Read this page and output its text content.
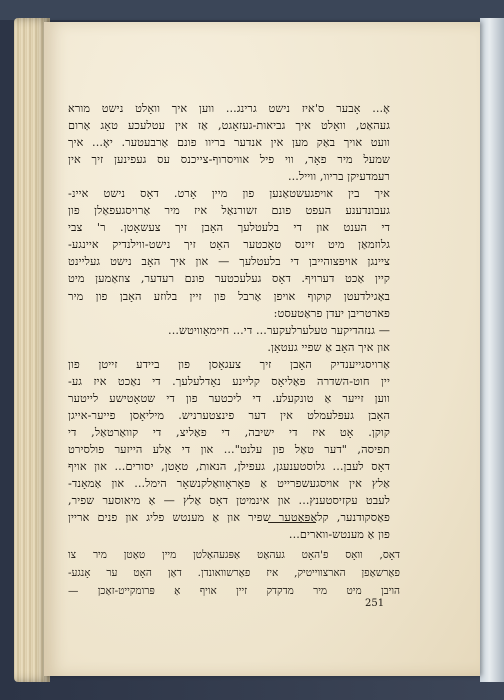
אָ... אָבער ס'איז נישט גרינג... ווען איך וואָלט נישט מורא
געהאַט, וואָלט איך גביאות-געזאָגט, אַז אין עטלעכע טאָג אַרום
וועט אויך באַק מען אין אנדער בריוו פונם אַרבעטער. יאָ... איך
שמעל מיר פאָר, ווי פיל אוויסרוף-צייכנס עס געפינען זיך אין
רעמדעיקן בריוו, ווייל...
איך בין אויפגעשטאַנען פון מיין אָרט. דאָס נישט איינ-
געבונדענע העפט פונם זשורנאַל איז מיר אַרויסגעפאַלן פון
די הענט און די בלעטלעך האָבן זיך צעשאָטן. ר' צבי
גלוזמאַן מיט זיינס טאָכטער האָט זיך נישט-ווילנדיק איינגע-
ציינגן אויפצוהייבן די בלעטלעך — און איך האָב נישט געליינט
קיין אַכט דערויף. דאָס געלעכטער פונם רעדער, צוזאַמען מיט
באַגילדעטן קוקוף אויפן אַרבל פון זיין בלוזע האָבן פון מיר
פארטריבן יעדן פראַטעסט:
— גנזהדיקער טעלערלעקער... די... חיימאָוויטש...
און איך האָב אַ שפיי געטאָן.
אַרויסגייענדיק האָבן זיך צעגאָסן פון ביידע זייטן פון
יין חוט-השדרה פאַליאָס קליינע נאָדלעלעך. די נאַכט איז גע-
ווען זייער אַ טונקעלע. די ליכטער פון די שטאָטישע לייטער
האָבן געפלעמלט אין דער פינצטערניש. מיליאָסן פייער-אייגן
קוקן. אָט איז די ישיבה, די פאַליצ, די קוואַרטאַל, די
תפיסה, "דער טאַל פון עלנט"... און די אַלע הייזער פולסירט
דאָס לעבן... גלוסטענעגן, געפילן, הנאות, טאָטן, יסורים... און אויף
אַלץ אין אויסגעשפרייט אַ פּאָראָוואַלקנשאָר הימל... און אַמאָנד-
לעבט עקזיסטענץ... און אינמיטן דאָס אַלץ — אַ מיאוסער שפיר,
פאַסקודנער, קלאַפּאַטער שפיר און אַ מענטש פליג און פנים אריין
פון אַ מענטש-ווארים...
דאָס, וואָס פ'האָט געהאַט אַפּגעהאַלטן מיין טאַטן מיר צו
פאַרשאַפן הארצווייטיק, איז פאַרשוואונדן. דאַן האָט ער אָנגע-
הויבן מיט מיר מדקדק זיין אויף אַ פּרומקייט-זאַכן —
251
